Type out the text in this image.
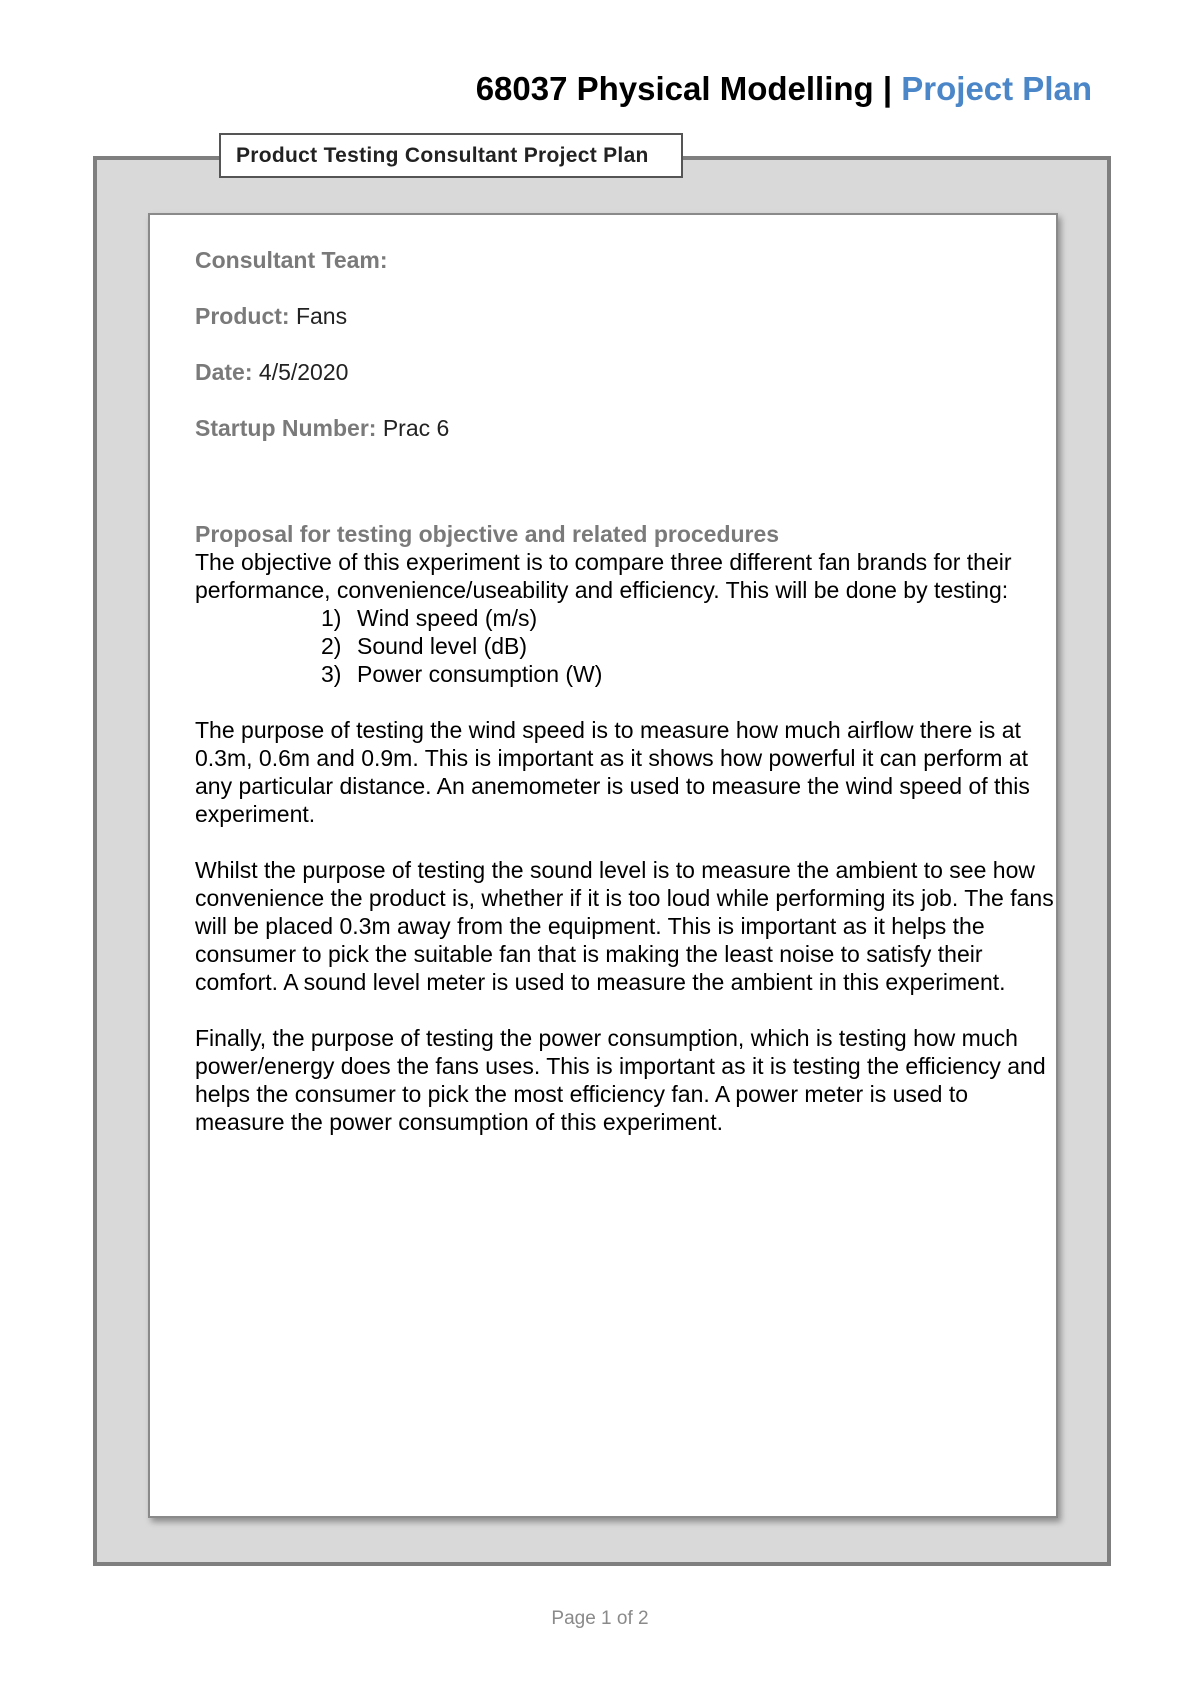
68037 Physical Modelling | Project Plan
Product Testing Consultant Project Plan
Consultant Team:
Product: Fans
Date: 4/5/2020
Startup Number: Prac 6
Proposal for testing objective and related procedures

The objective of this experiment is to compare three different fan brands for their performance, convenience/useability and efficiency. This will be done by testing:

1) Wind speed (m/s)
2) Sound level (dB)
3) Power consumption (W)

The purpose of testing the wind speed is to measure how much airflow there is at 0.3m, 0.6m and 0.9m. This is important as it shows how powerful it can perform at any particular distance. An anemometer is used to measure the wind speed of this experiment.

Whilst the purpose of testing the sound level is to measure the ambient to see how convenience the product is, whether if it is too loud while performing its job. The fans will be placed 0.3m away from the equipment. This is important as it helps the consumer to pick the suitable fan that is making the least noise to satisfy their comfort. A sound level meter is used to measure the ambient in this experiment.

Finally, the purpose of testing the power consumption, which is testing how much power/energy does the fans uses. This is important as it is testing the efficiency and helps the consumer to pick the most efficiency fan. A power meter is used to measure the power consumption of this experiment.

Page 1 of 2
